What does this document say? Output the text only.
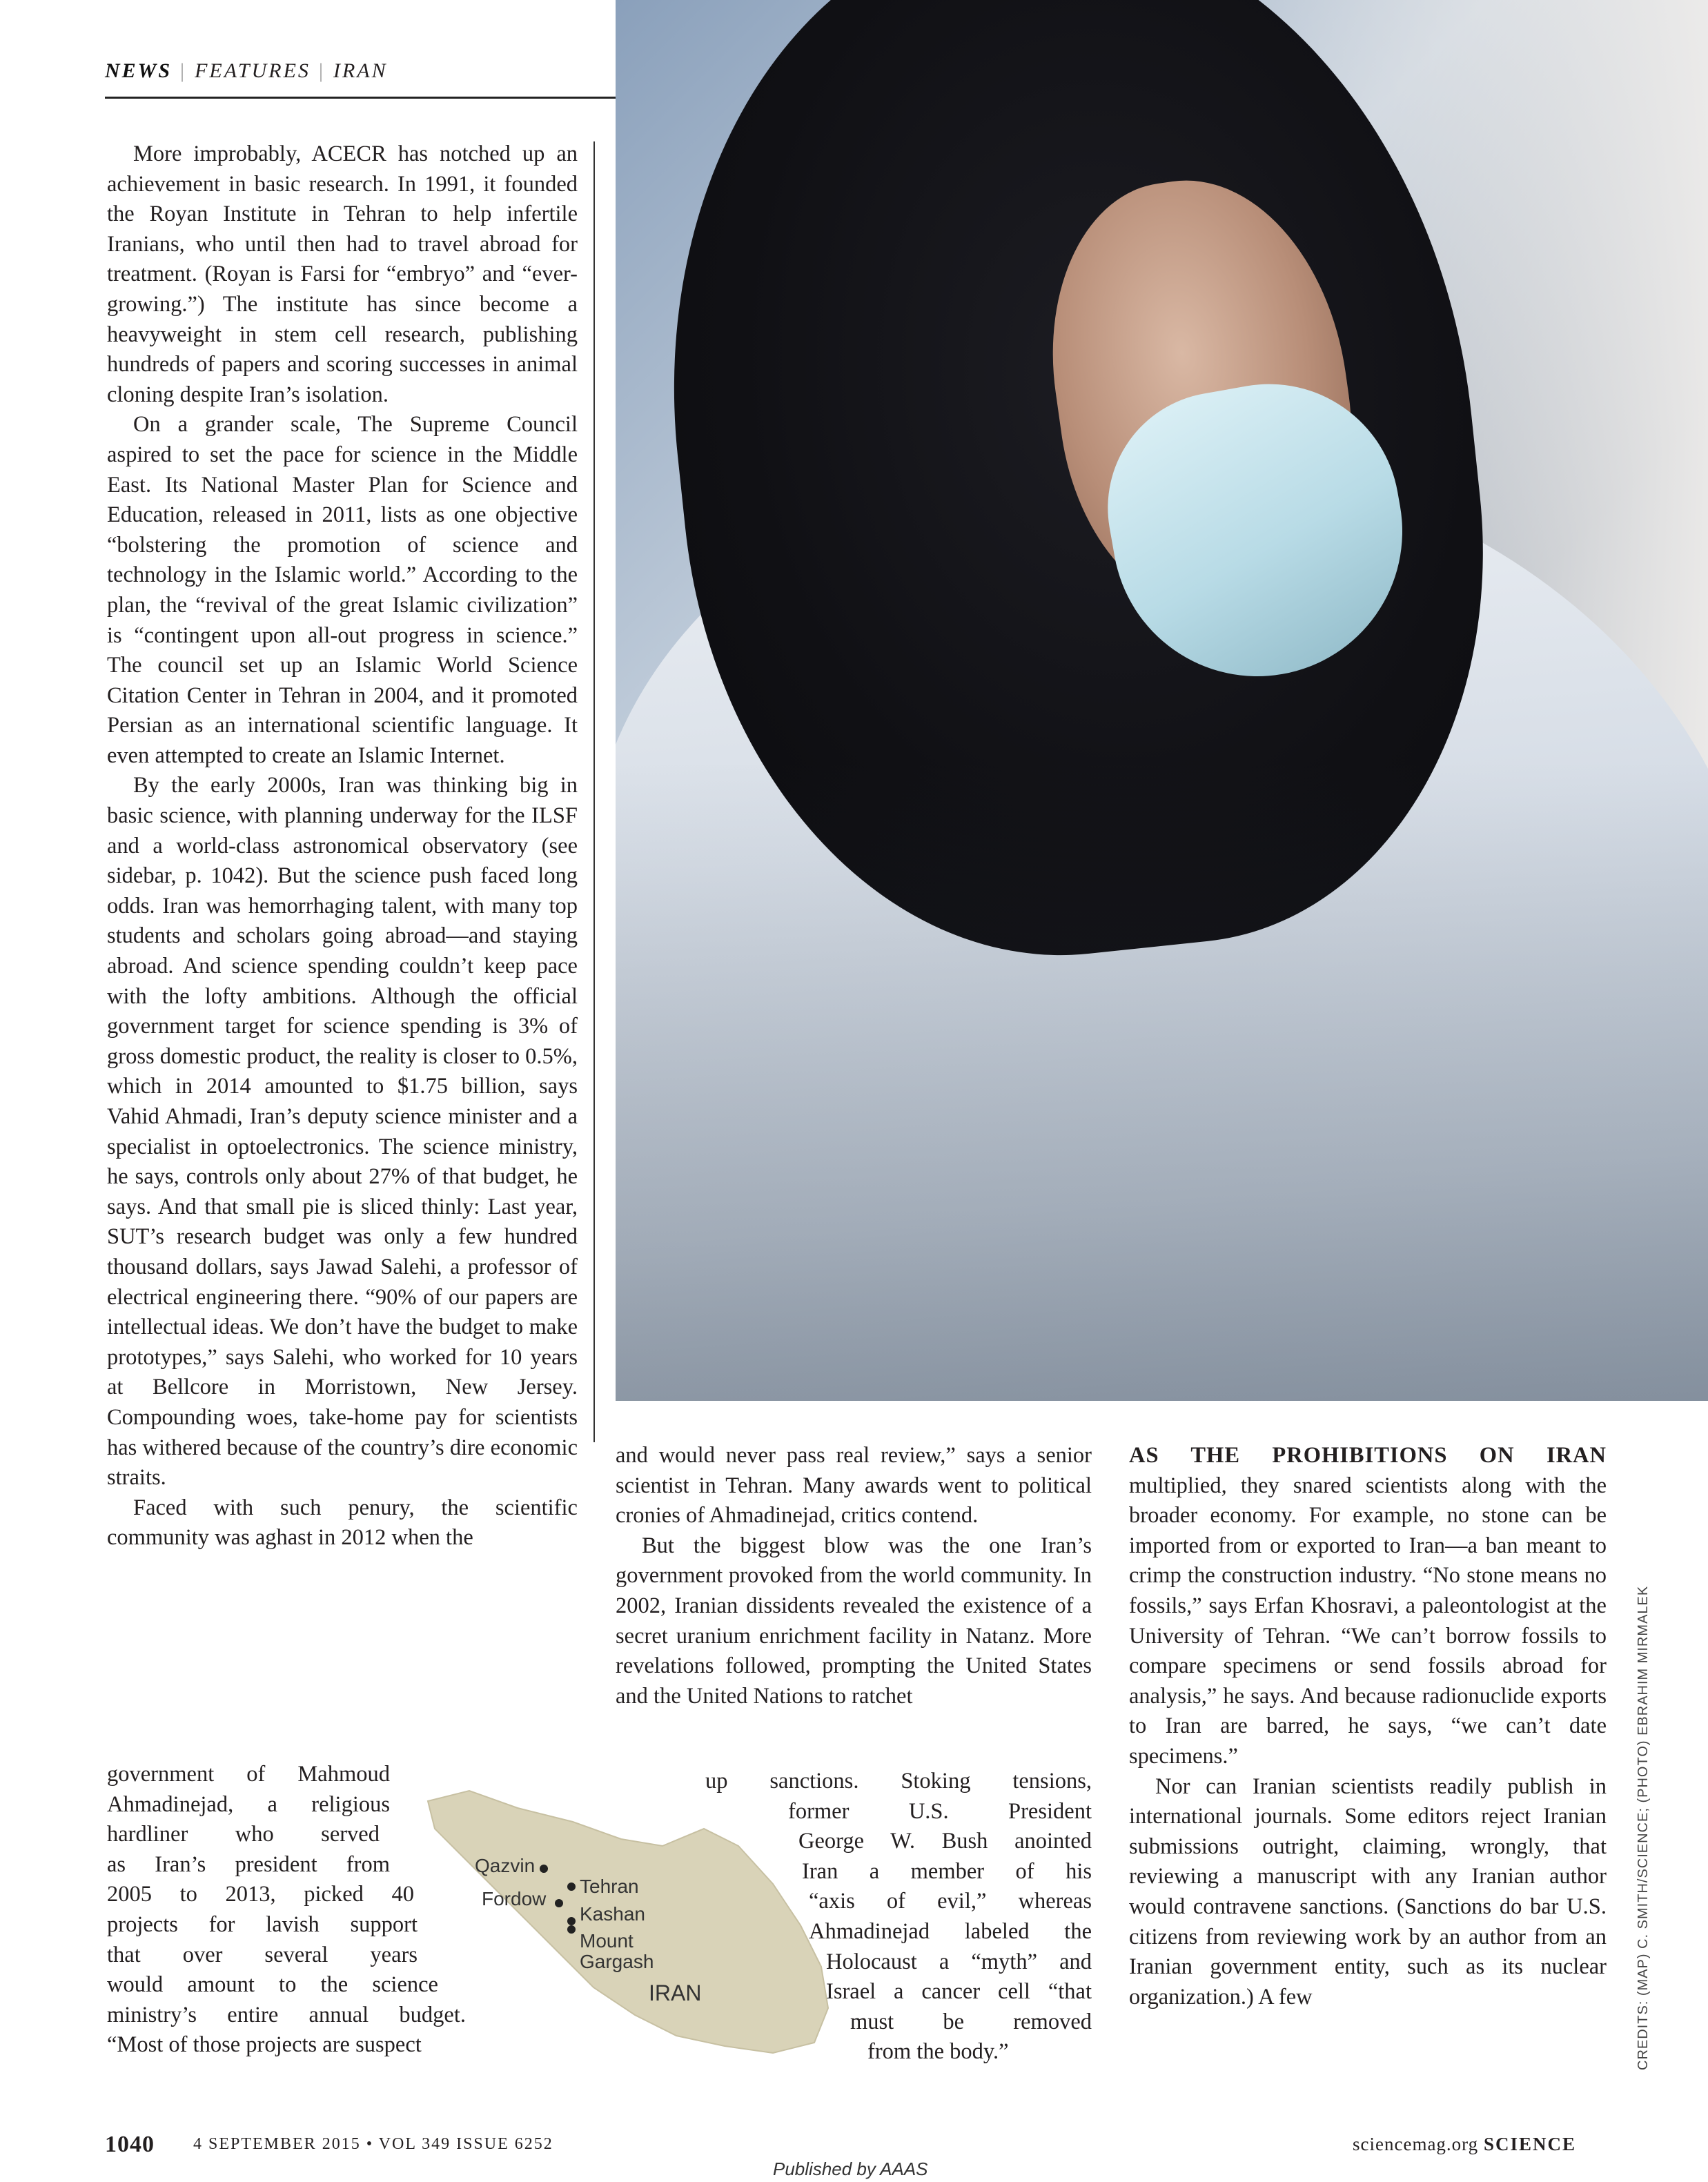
NEWS | FEATURES | IRAN

More improbably, ACECR has notched up an achievement in basic research. In 1991, it founded the Royan Institute in Tehran to help infertile Iranians, who until then had to travel abroad for treatment. (Royan is Farsi for “embryo” and “ever-growing.”) The institute has since become a heavyweight in stem cell research, publishing hundreds of papers and scoring successes in animal cloning despite Iran’s isolation.

On a grander scale, The Supreme Council aspired to set the pace for science in the Middle East. Its National Master Plan for Science and Education, released in 2011, lists as one objective “bolstering the promotion of science and technology in the Islamic world.” According to the plan, the “revival of the great Islamic civilization” is “contingent upon all-out progress in science.” The council set up an Islamic World Science Citation Center in Tehran in 2004, and it promoted Persian as an international scientific language. It even attempted to create an Islamic Internet.

By the early 2000s, Iran was thinking big in basic science, with planning underway for the ILSF and a world-class astronomical observatory (see sidebar, p. 1042). But the science push faced long odds. Iran was hemorrhaging talent, with many top students and scholars going abroad—and staying abroad. And science spending couldn’t keep pace with the lofty ambitions. Although the official government target for science spending is 3% of gross domestic product, the reality is closer to 0.5%, which in 2014 amounted to $1.75 billion, says Vahid Ahmadi, Iran’s deputy science minister and a specialist in optoelectronics. The science ministry, he says, controls only about 27% of that budget, he says. And that small pie is sliced thinly: Last year, SUT’s research budget was only a few hundred thousand dollars, says Jawad Salehi, a professor of electrical engineering there. “90% of our papers are intellectual ideas. We don’t have the budget to make prototypes,” says Salehi, who worked for 10 years at Bellcore in Morristown, New Jersey. Compounding woes, take-home pay for scientists has withered because of the country’s dire economic straits.

Faced with such penury, the scientific community was aghast in 2012 when the

government of Mahmoud
Ahmadinejad, a religious
hardliner who served
as Iran’s president from
2005 to 2013, picked 40
projects for lavish support
that over several years
would amount to the science
ministry’s entire annual budget.
“Most of those projects are suspect
Qazvin
Tehran
Fordow
Kashan
Mount Gargash
IRAN

and would never pass real review,” says a senior scientist in Tehran. Many awards went to political cronies of Ahmadinejad, critics contend.

But the biggest blow was the one Iran’s government provoked from the world community. In 2002, Iranian dissidents revealed the existence of a secret uranium enrichment facility in Natanz. More revelations followed, prompting the United States and the United Nations to ratchet

up sanctions. Stoking tensions,
former U.S. President
George W. Bush anointed
Iran a member of his
“axis of evil,” whereas
Ahmadinejad labeled the
Holocaust a “myth” and
Israel a cancer cell “that
must be removed
from the body.”

AS THE PROHIBITIONS ON IRAN multiplied, they snared scientists along with the broader economy. For example, no stone can be imported from or exported to Iran—a ban meant to crimp the construction industry. “No stone means no fossils,” says Erfan Khosravi, a paleontologist at the University of Tehran. “We can’t borrow fossils to compare specimens or send fossils abroad for analysis,” he says. And because radionuclide exports to Iran are barred, he says, “we can’t date specimens.”

Nor can Iranian scientists readily publish in international journals. Some editors reject Iranian submissions outright, claiming, wrongly, that reviewing a manuscript with any Iranian author would contravene sanctions. (Sanctions do bar U.S. citizens from reviewing work by an author from an Iranian government entity, such as its nuclear organization.) A few	CREDITS: (MAP) C. SMITH/SCIENCE; (PHOTO) EBRAHIM MIRMALEK
1040 4 SEPTEMBER 2015 • VOL 349 ISSUE 6252	sciencemag.org SCIENCE
Published by AAAS
